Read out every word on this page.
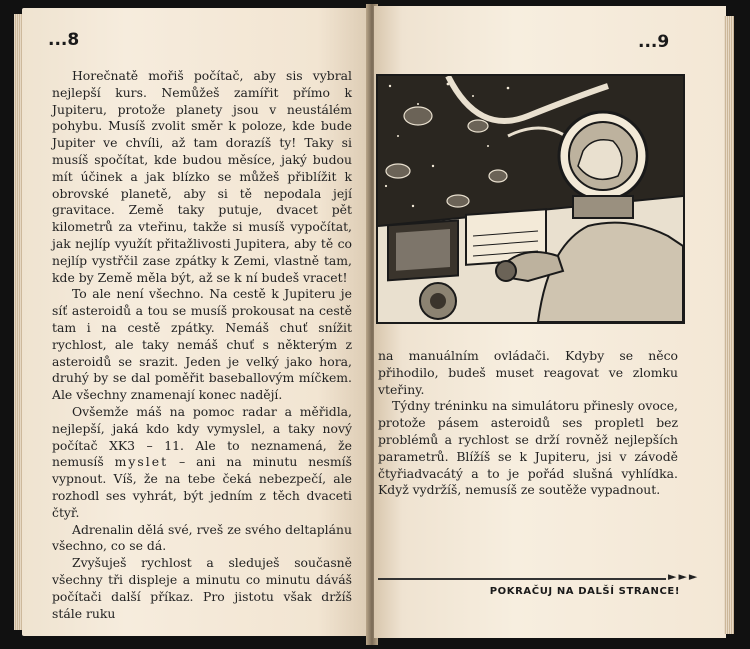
...8	...9

Horečnatě mořiš počítač, aby sis vybral nejlepší kurs. Nemůžeš zamířit přímo k Jupiteru, protože planety jsou v neustálém pohybu. Musíš zvolit směr k poloze, kde bude Jupiter ve chvíli, až tam dorazíš ty! Taky si musíš spočítat, kde budou měsíce, jaký budou mít účinek a jak blízko se můžeš přiblížit k obrovské planetě, aby si tě nepodala její gravitace. Země taky putuje, dvacet pět kilometrů za vteřinu, takže si musíš vypočítat, jak nejlíp využít přitažlivosti Jupitera, aby tě co nejlíp vystřčil zase zpátky k Zemi, vlastně tam, kde by Země měla být, až se k ní budeš vracet!

To ale není všechno. Na cestě k Jupiteru je síť asteroidů a tou se musíš prokousat na cestě tam i na cestě zpátky. Nemáš chuť snížit rychlost, ale taky nemáš chuť s některým z asteroidů se srazit. Jeden je velký jako hora, druhý by se dal poměřit baseballovým míčkem. Ale všechny znamenají konec nadějí.

Ovšemže máš na pomoc radar a měřidla, nejlepší, jaká kdo kdy vymyslel, a taky nový počítač XK3 – 11. Ale to neznamená, že nemusíš myslet – ani na minutu nesmíš vypnout. Víš, že na tebe čeká nebezpečí, ale rozhodl ses vyhrát, být jedním z těch dvaceti čtyř.

Adrenalin dělá své, rveš ze svého deltaplánu všechno, co se dá.

Zvyšuješ rychlost a sleduješ současně všechny tři displeje a minutu co minutu dáváš počítači další příkaz. Pro jistotu však držíš stále ruku

na manuálním ovládači. Kdyby se něco přihodilo, budeš muset reagovat ve zlomku vteřiny.

Týdny tréninku na simulátoru přinesly ovoce, protože pásem asteroidů ses propletl bez problémů a rychlost se drží rovněž nejlepších parametrů. Blížíš se k Jupiteru, jsi v závodě čtyřiadvacátý a to je pořád slušná vyhlídka. Když vydržíš, nemusíš ze soutěže vypadnout.

►►►
POKRAČUJ NA DALŠÍ STRANCE!
